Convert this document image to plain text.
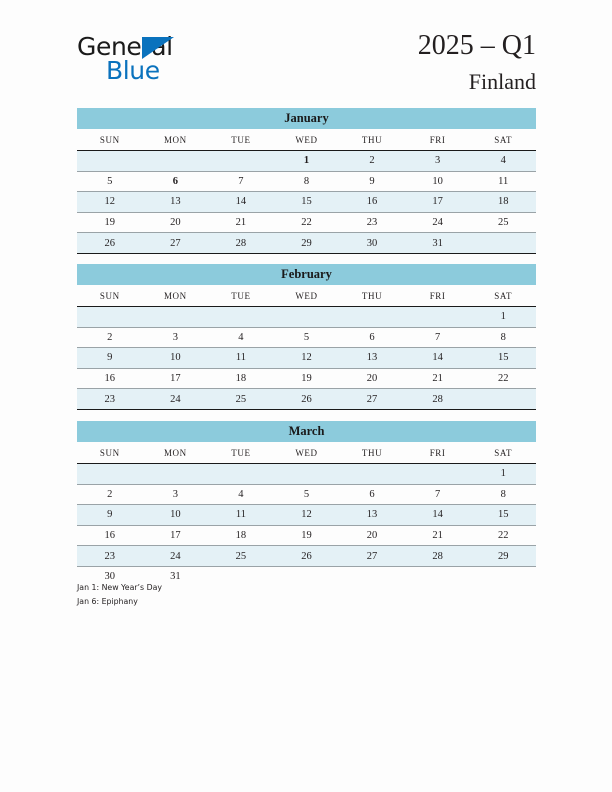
General
Blue
2025 – Q1
Finland
January
SUN	MON	TUE	WED	THU	FRI	SAT
			1	2	3	4
5	6	7	8	9	10	11
12	13	14	15	16	17	18
19	20	21	22	23	24	25
26	27	28	29	30	31	
February
SUN	MON	TUE	WED	THU	FRI	SAT
						1
2	3	4	5	6	7	8
9	10	11	12	13	14	15
16	17	18	19	20	21	22
23	24	25	26	27	28	
March
SUN	MON	TUE	WED	THU	FRI	SAT
						1
2	3	4	5	6	7	8
9	10	11	12	13	14	15
16	17	18	19	20	21	22
23	24	25	26	27	28	29
30	31					
Jan 1: New Year’s Day
Jan 6: Epiphany
